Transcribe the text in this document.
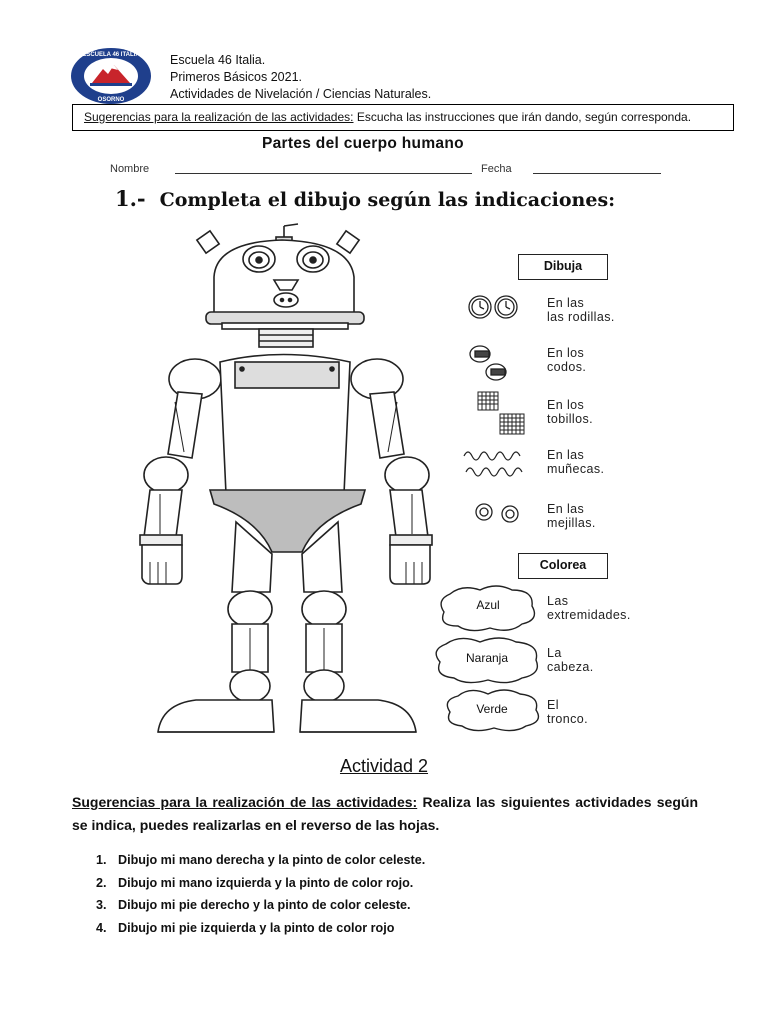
ESCUELA 46 ITALIA
OSORNO
Escuela 46 Italia.
Primeros Básicos 2021.
Actividades de Nivelación / Ciencias Naturales.
Sugerencias para la realización de las actividades: Escucha las instrucciones que irán dando, según corresponda.
Partes del cuerpo humano
Nombre	Fecha
1.- Completa el dibujo según las indicaciones:
Dibuja
En las
las rodillas.
En los
codos.
En los
tobillos.
En las
muñecas.
En las
mejillas.
Colorea
Azul	Las
extremidades.
Naranja	La
cabeza.
Verde	El
tronco.
Actividad 2
Sugerencias para la realización de las actividades: Realiza las siguientes actividades según se indica, puedes realizarlas en el reverso de las hojas.
1. Dibujo mi mano derecha y la pinto de color celeste.
2. Dibujo mi mano izquierda y la pinto de color rojo.
3. Dibujo mi pie derecho y la pinto de color celeste.
4. Dibujo mi pie izquierda y la pinto de color rojo
